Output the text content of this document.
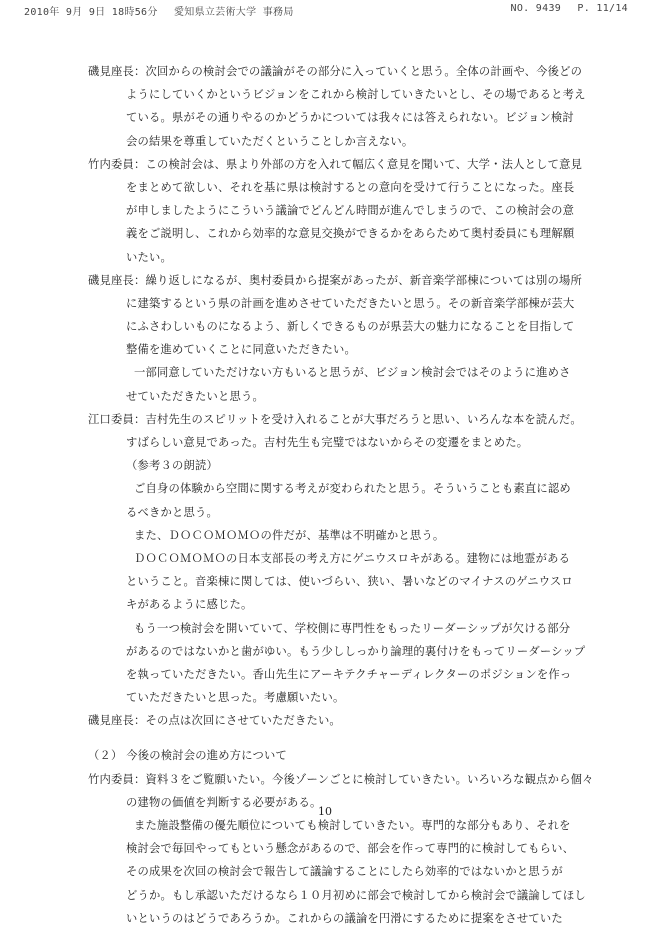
2010年 9月 9日 18時56分 愛知県立芸術大学 事務局	NO. 9439 P. 11/14
磯見座長：次回からの検討会での議論がその部分に入っていくと思う。全体の計画や、今後どの
ようにしていくかというビジョンをこれから検討していきたいとし、その場であると考え
ている。県がその通りやるのかどうかについては我々には答えられない。ビジョン検討
会の結果を尊重していただくということしか言えない。
竹内委員：この検討会は、県より外部の方を入れて幅広く意見を聞いて、大学・法人として意見
をまとめて欲しい、それを基に県は検討するとの意向を受けて行うことになった。座長
が申しましたようにこういう議論でどんどん時間が進んでしまうので、この検討会の意
義をご説明し、これから効率的な意見交換ができるかをあらためて奥村委員にも理解願
いたい。
磯見座長：繰り返しになるが、奥村委員から提案があったが、新音楽学部棟については別の場所
に建築するという県の計画を進めさせていただきたいと思う。その新音楽学部棟が芸大
にふさわしいものになるよう、新しくできるものが県芸大の魅力になることを目指して
整備を進めていくことに同意いただきたい。
一部同意していただけない方もいると思うが、ビジョン検討会ではそのように進めさ
せていただきたいと思う。
江口委員：吉村先生のスピリットを受け入れることが大事だろうと思い、いろんな本を読んだ。
すばらしい意見であった。吉村先生も完璧ではないからその変遷をまとめた。
（参考３の朗読）
ご自身の体験から空間に関する考えが変わられたと思う。そういうことも素直に認め
るべきかと思う。
また、ＤＯＣＯＭＯＭＯの件だが、基準は不明確かと思う。
ＤＯＣＯＭＯＭＯの日本支部長の考え方にゲニウスロキがある。建物には地霊がある
ということ。音楽棟に関しては、使いづらい、狭い、暑いなどのマイナスのゲニウスロ
キがあるように感じた。
もう一つ検討会を開いていて、学校側に専門性をもったリーダーシップが欠ける部分
があるのではないかと歯がゆい。もう少ししっかり論理的裏付けをもってリーダーシップ
を執っていただきたい。香山先生にアーキテクチャーディレクターのポジションを作っ
ていただきたいと思った。考慮願いたい。
磯見座長：その点は次回にさせていただきたい。
（２） 今後の検討会の進め方について
竹内委員：資料３をご覧願いたい。今後ゾーンごとに検討していきたい。いろいろな観点から個々
の建物の価値を判断する必要がある。
また施設整備の優先順位についても検討していきたい。専門的な部分もあり、それを
検討会で毎回やってもという懸念があるので、部会を作って専門的に検討してもらい、
その成果を次回の検討会で報告して議論することにしたら効率的ではないかと思うが
どうか。もし承認いただけるなら１０月初めに部会で検討してから検討会で議論してほし
いというのはどうであろうか。これからの議論を円滑にするために提案をさせていた
10
